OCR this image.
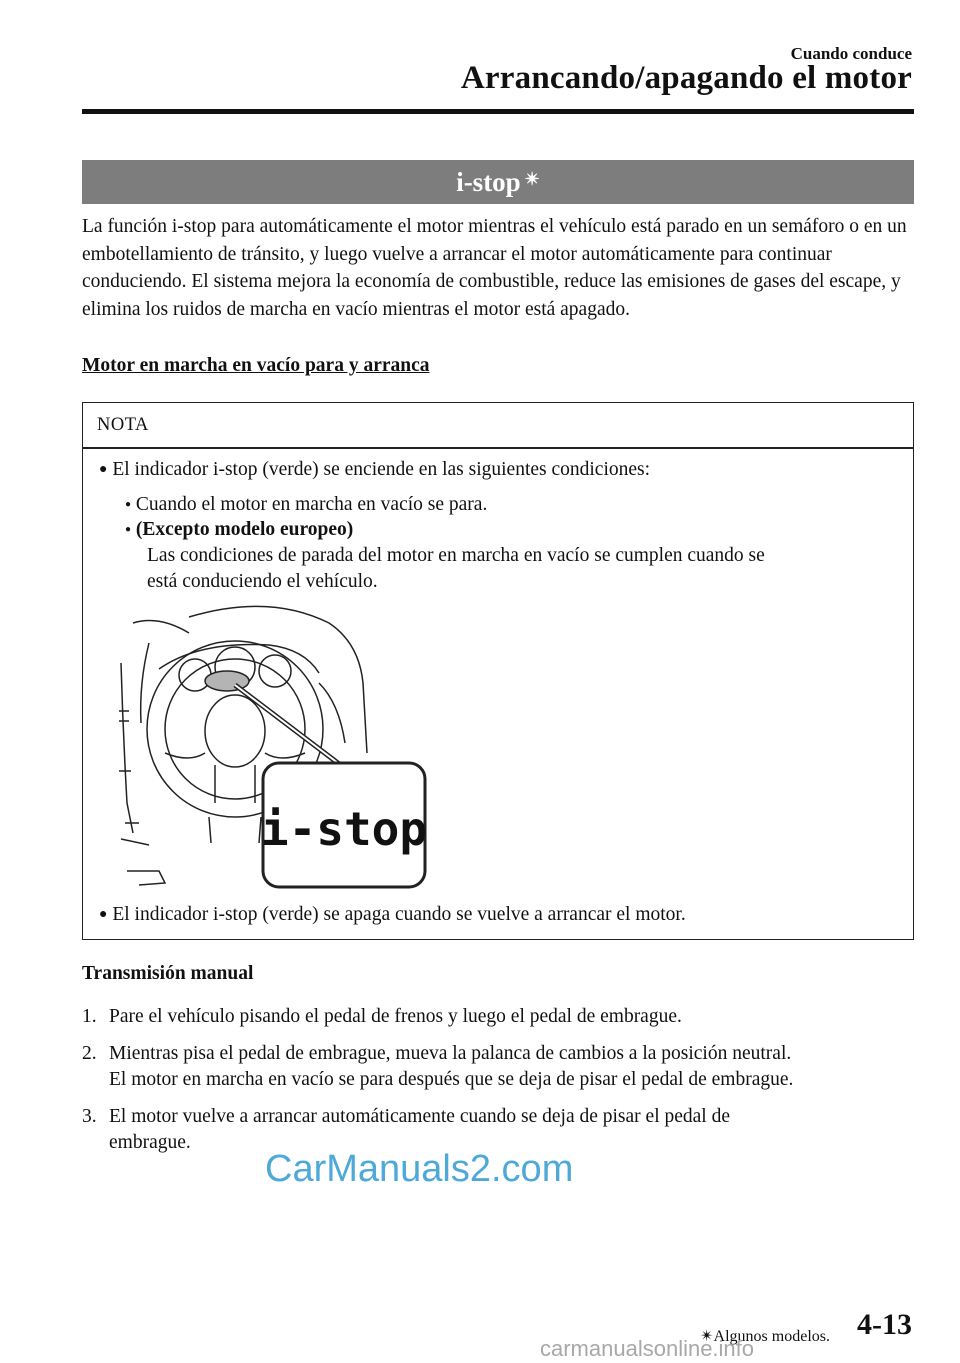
Cuando conduce
Arrancando/apagando el motor
i-stop ✴
La función i-stop para automáticamente el motor mientras el vehículo está parado en un semáforo o en un embotellamiento de tránsito, y luego vuelve a arrancar el motor automáticamente para continuar conduciendo. El sistema mejora la economía de combustible, reduce las emisiones de gases del escape, y elimina los ruidos de marcha en vacío mientras el motor está apagado.
Motor en marcha en vacío para y arranca
NOTA
● El indicador i-stop (verde) se enciende en las siguientes condiciones:
● Cuando el motor en marcha en vacío se para.
● (Excepto modelo europeo)
Las condiciones de parada del motor en marcha en vacío se cumplen cuando se
está conduciendo el vehículo.
i-stop
● El indicador i-stop (verde) se apaga cuando se vuelve a arrancar el motor.
Transmisión manual
1. Pare el vehículo pisando el pedal de frenos y luego el pedal de embrague.
2. Mientras pisa el pedal de embrague, mueva la palanca de cambios a la posición neutral.
El motor en marcha en vacío se para después que se deja de pisar el pedal de embrague.
3. El motor vuelve a arrancar automáticamente cuando se deja de pisar el pedal de
embrague.
CarManuals2.com
✴Algunos modelos. 4-13
carmanualsonline.info
